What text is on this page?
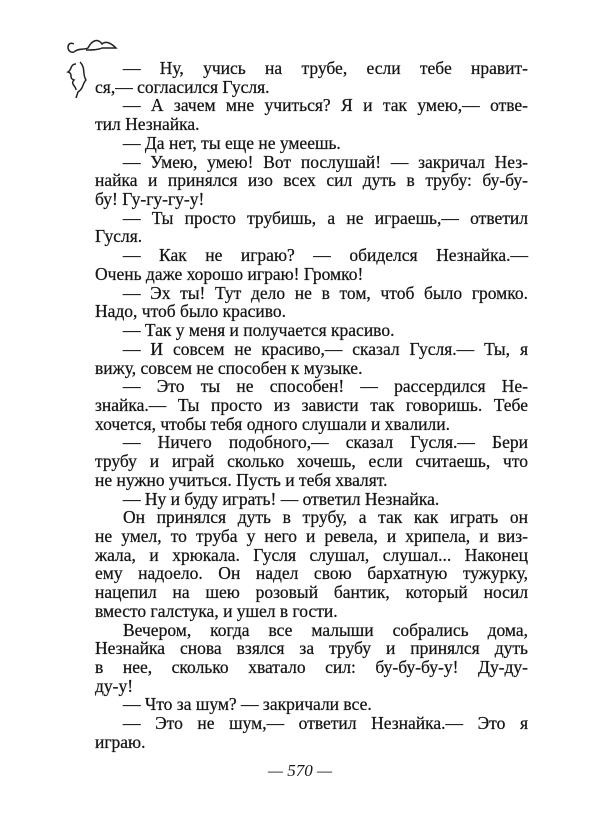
— Ну, учись на трубе, если тебе нравит-
ся,— согласился Гусля.
— А зачем мне учиться? Я и так умею,— отве-
тил Незнайка.
— Да нет, ты еще не умеешь.
— Умею, умею! Вот послушай! — закричал Нез-
найка и принялся изо всех сил дуть в трубу: бу-бу-
бу! Гу-гу-гу-у!
— Ты просто трубишь, а не играешь,— ответил
Гусля.
— Как не играю? — обиделся Незнайка.—
Очень даже хорошо играю! Громко!
— Эх ты! Тут дело не в том, чтоб было громко.
Надо, чтоб было красиво.
— Так у меня и получается красиво.
— И совсем не красиво,— сказал Гусля.— Ты, я
вижу, совсем не способен к музыке.
— Это ты не способен! — рассердился Не-
знайка.— Ты просто из зависти так говоришь. Тебе
хочется, чтобы тебя одного слушали и хвалили.
— Ничего подобного,— сказал Гусля.— Бери
трубу и играй сколько хочешь, если считаешь, что
не нужно учиться. Пусть и тебя хвалят.
— Ну и буду играть! — ответил Незнайка.
Он принялся дуть в трубу, а так как играть он
не умел, то труба у него и ревела, и хрипела, и виз-
жала, и хрюкала. Гусля слушал, слушал... Наконец
ему надоело. Он надел свою бархатную тужурку,
нацепил на шею розовый бантик, который носил
вместо галстука, и ушел в гости.
Вечером, когда все малыши собрались дома,
Незнайка снова взялся за трубу и принялся дуть
в нее, сколько хватало сил: бу-бу-бу-у! Ду-ду-
ду-у!
— Что за шум? — закричали все.
— Это не шум,— ответил Незнайка.— Это я
играю.
— 570 —
